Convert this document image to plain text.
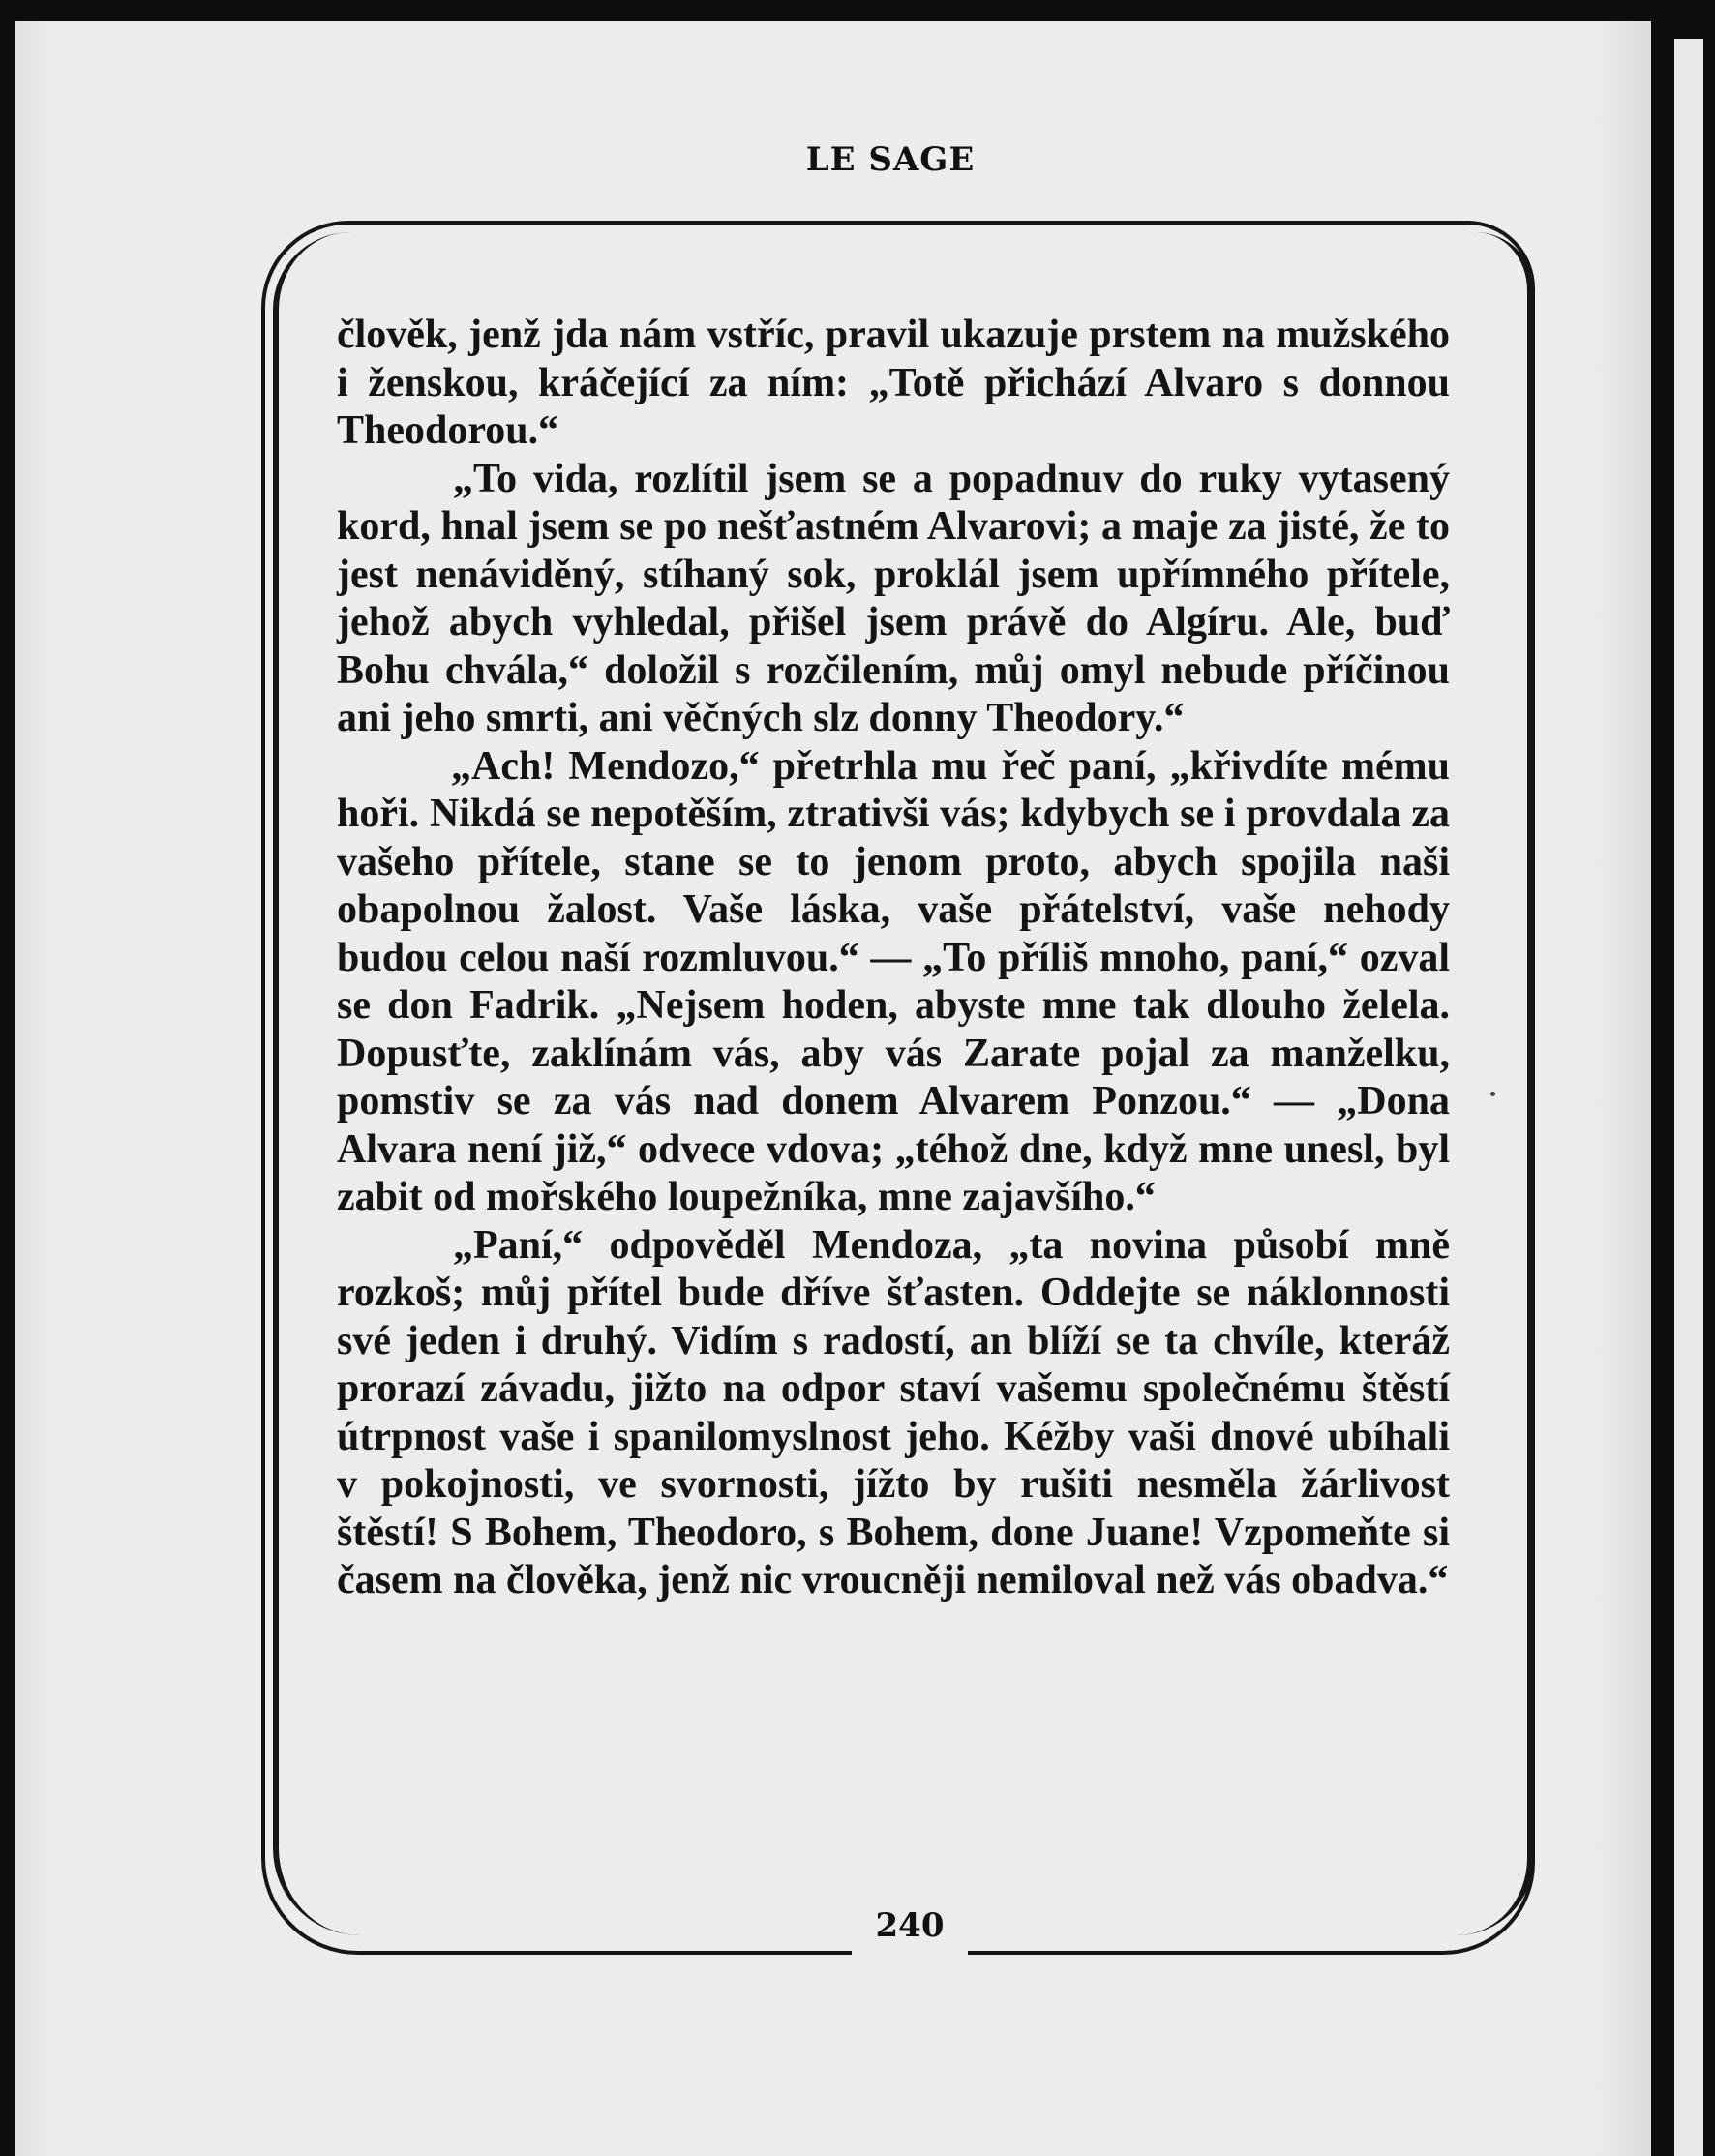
LE SAGE

člověk, jenž jda nám vstříc, pravil ukazuje prstem na mužského i ženskou, kráčející za ním: „Totě přichází Alvaro s donnou Theodorou.“

„To vida, rozlítil jsem se a popadnuv do ruky vytasený kord, hnal jsem se po nešťastném Alvarovi; a maje za jisté, že to jest nenáviděný, stíhaný sok, proklál jsem upřímného přítele, jehož abych vyhledal, přišel jsem právě do Algíru. Ale, buď Bohu chvála,“ doložil s rozčilením, můj omyl nebude příčinou ani jeho smrti, ani věčných slz donny Theodory.“

„Ach! Mendozo,“ přetrhla mu řeč paní, „křivdíte mému hoři. Nikdá se nepotěším, ztrativši vás; kdybych se i provdala za vašeho přítele, stane se to jenom proto, abych spojila naši obapolnou žalost. Vaše láska, vaše přátelství, vaše nehody budou celou naší rozmluvou.“ — „To příliš mnoho, paní,“ ozval se don Fadrik. „Nejsem hoden, abyste mne tak dlouho želela. Dopusťte, zaklínám vás, aby vás Zarate pojal za manželku, pomstiv se za vás nad donem Alvarem Ponzou.“ — „Dona Alvara není již,“ odvece vdova; „téhož dne, když mne unesl, byl zabit od mořského loupežníka, mne zajavšího.“

„Paní,“ odpověděl Mendoza, „ta novina působí mně rozkoš; můj přítel bude dříve šťasten. Oddejte se náklonnosti své jeden i druhý. Vidím s radostí, an blíží se ta chvíle, kteráž prorazí závadu, jižto na odpor staví vašemu společnému štěstí útrpnost vaše i spanilomyslnost jeho. Kéžby vaši dnové ubíhali v pokojnosti, ve svornosti, jížto by rušiti nesměla žárlivost štěstí! S Bohem, Theodoro, s Bohem, done Juane! Vzpomeňte si časem na člověka, jenž nic vroucněji nemiloval než vás obadva.“

240
